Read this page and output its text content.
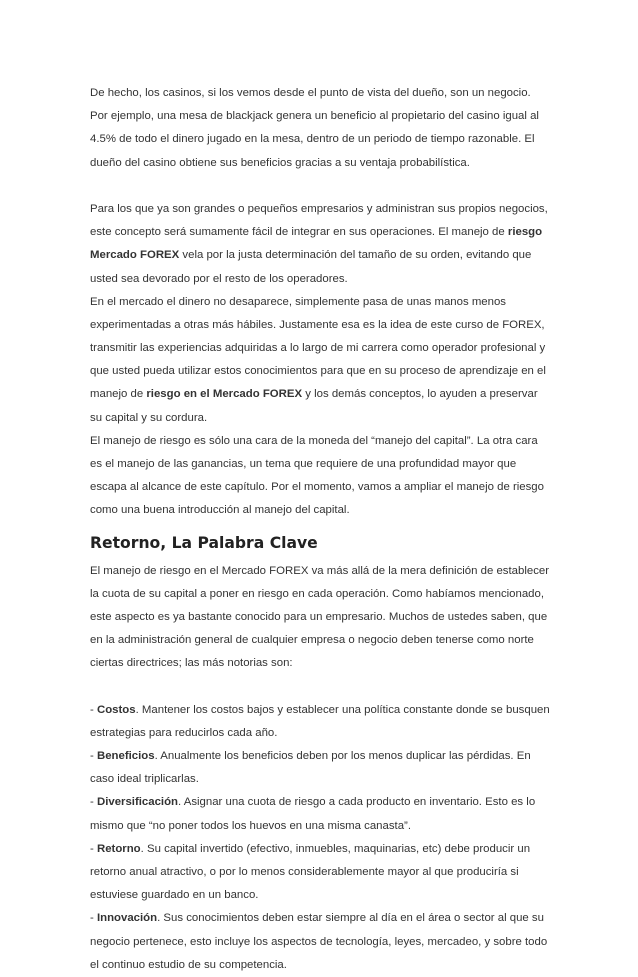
De hecho, los casinos, si los vemos desde el punto de vista del dueño, son un negocio.
Por ejemplo, una mesa de blackjack genera un beneficio al propietario del casino igual al
4.5% de todo el dinero jugado en la mesa, dentro de un periodo de tiempo razonable. El
dueño del casino obtiene sus beneficios gracias a su ventaja probabilística.
Para los que ya son grandes o pequeños empresarios y administran sus propios negocios,
este concepto será sumamente fácil de integrar en sus operaciones. El manejo de riesgo
Mercado FOREX vela por la justa determinación del tamaño de su orden, evitando que
usted sea devorado por el resto de los operadores.
En el mercado el dinero no desaparece, simplemente pasa de unas manos menos
experimentadas a otras más hábiles. Justamente esa es la idea de este curso de FOREX,
transmitir las experiencias adquiridas a lo largo de mi carrera como operador profesional y
que usted pueda utilizar estos conocimientos para que en su proceso de aprendizaje en el
manejo de riesgo en el Mercado FOREX y los demás conceptos, lo ayuden a preservar
su capital y su cordura.
El manejo de riesgo es sólo una cara de la moneda del “manejo del capital”. La otra cara
es el manejo de las ganancias, un tema que requiere de una profundidad mayor que
escapa al alcance de este capítulo. Por el momento, vamos a ampliar el manejo de riesgo
como una buena introducción al manejo del capital.
Retorno, La Palabra Clave
El manejo de riesgo en el Mercado FOREX va más allá de la mera definición de establecer
la cuota de su capital a poner en riesgo en cada operación. Como habíamos mencionado,
este aspecto es ya bastante conocido para un empresario. Muchos de ustedes saben, que
en la administración general de cualquier empresa o negocio deben tenerse como norte
ciertas directrices; las más notorias son:
- Costos. Mantener los costos bajos y establecer una política constante donde se busquen
estrategias para reducirlos cada año.
- Beneficios. Anualmente los beneficios deben por los menos duplicar las pérdidas. En
caso ideal triplicarlas.
- Diversificación. Asignar una cuota de riesgo a cada producto en inventario. Esto es lo
mismo que “no poner todos los huevos en una misma canasta”.
- Retorno. Su capital invertido (efectivo, inmuebles, maquinarias, etc) debe producir un
retorno anual atractivo, o por lo menos considerablemente mayor al que produciría si
estuviese guardado en un banco.
- Innovación. Sus conocimientos deben estar siempre al día en el área o sector al que su
negocio pertenece, esto incluye los aspectos de tecnología, leyes, mercadeo, y sobre todo
el continuo estudio de su competencia.
